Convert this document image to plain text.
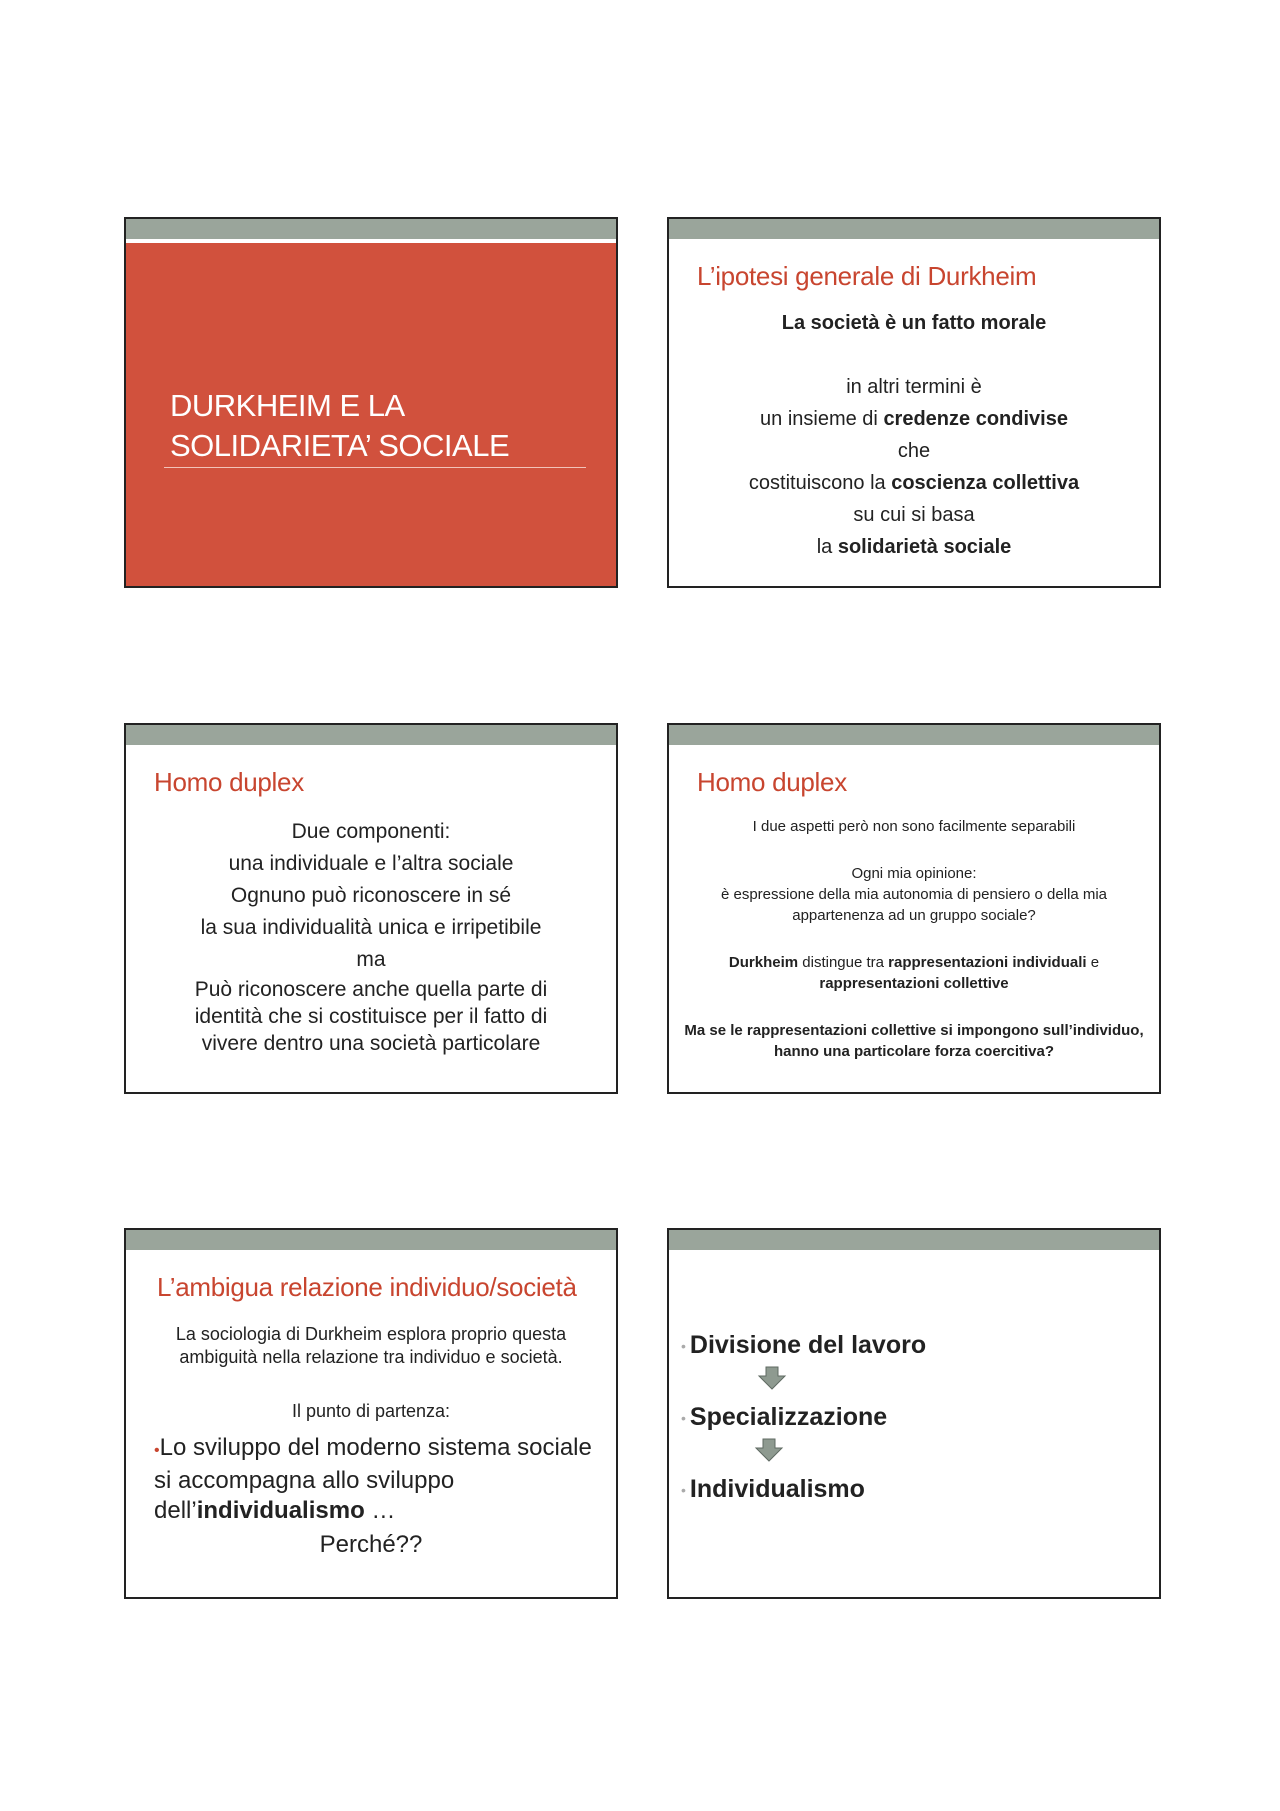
DURKHEIM E LA
SOLIDARIETA’ SOCIALE
L’ipotesi generale di Durkheim
La società è un fatto morale
in altri termini è
un insieme di credenze condivise
che
costituiscono la coscienza collettiva
su cui si basa
la solidarietà sociale
Homo duplex
Due componenti:
una individuale e l’altra sociale
Ognuno può riconoscere in sé
la sua individualità unica e irripetibile
ma
Può riconoscere anche quella parte di
identità che si costituisce per il fatto di
vivere dentro una società particolare
Homo duplex
I due aspetti però non sono facilmente separabili
Ogni mia opinione:
è espressione della mia autonomia di pensiero o della mia appartenenza ad un gruppo sociale?
Durkheim distingue tra rappresentazioni individuali e
rappresentazioni collettive
Ma se le rappresentazioni collettive si impongono sull’individuo, hanno una particolare forza coercitiva?
L’ambigua relazione individuo/società
La sociologia di Durkheim esplora proprio questa ambiguità nella relazione tra individuo e società.
Il punto di partenza:
•Lo sviluppo del moderno sistema sociale si accompagna allo sviluppo dell’individualismo …
Perché??
• Divisione del lavoro
• Specializzazione
• Individualismo
